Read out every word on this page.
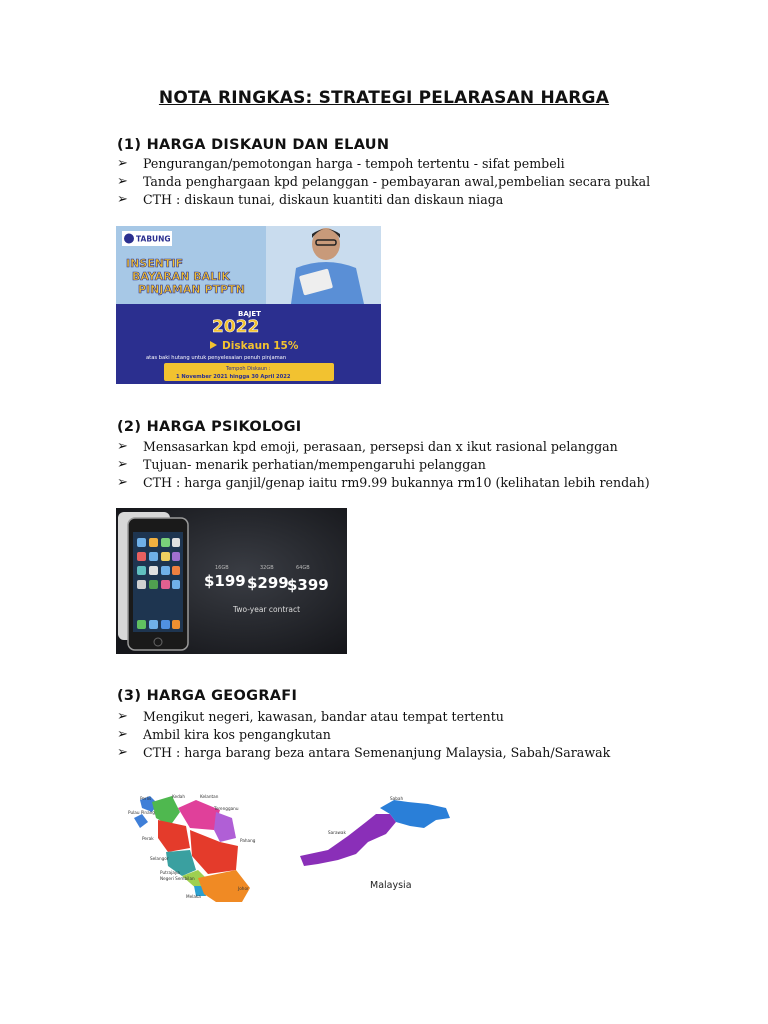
NOTA RINGKAS: STRATEGI PELARASAN HARGA
(1) HARGA DISKAUN DAN ELAUN
➢ Pengurangan/pemotongan harga - tempoh tertentu - sifat pembeli
➢ Tanda penghargaan kpd pelanggan - pembayaran awal,pembelian secara pukal
➢ CTH : diskaun tunai, diskaun kuantiti dan diskaun niaga
TABUNG
INSENTIF
BAYARAN BALIK
PINJAMAN PTPTN
BAJET
2022
Diskaun 15%
atas baki hutang untuk penyelesaian penuh pinjaman
Tempoh Diskaun :
1 November 2021 hingga 30 April 2022
(2) HARGA PSIKOLOGI
➢ Mensasarkan kpd emoji, perasaan, persepsi dan x ikut rasional pelanggan
➢ Tujuan- menarik perhatian/mempengaruhi pelanggan
➢ CTH : harga ganjil/genap iaitu rm9.99 bukannya rm10 (kelihatan lebih rendah)
16GB	32GB	64GB
$199 $299
$399
Two-year contract
(3) HARGA GEOGRAFI
➢ Mengikut negeri, kawasan, bandar atau tempat tertentu
➢ Ambil kira kos pengangkutan
➢ CTH : harga barang beza antara Semenanjung Malaysia, Sabah/Sarawak
Perlis	Kedah	Kelantan
Pulau Pinang
Terengganu
Perak	Pahang
Selangor
Putrajaya
Negeri Sembilan
Melaka
Johor
Sabah
Sarawak
Malaysia
